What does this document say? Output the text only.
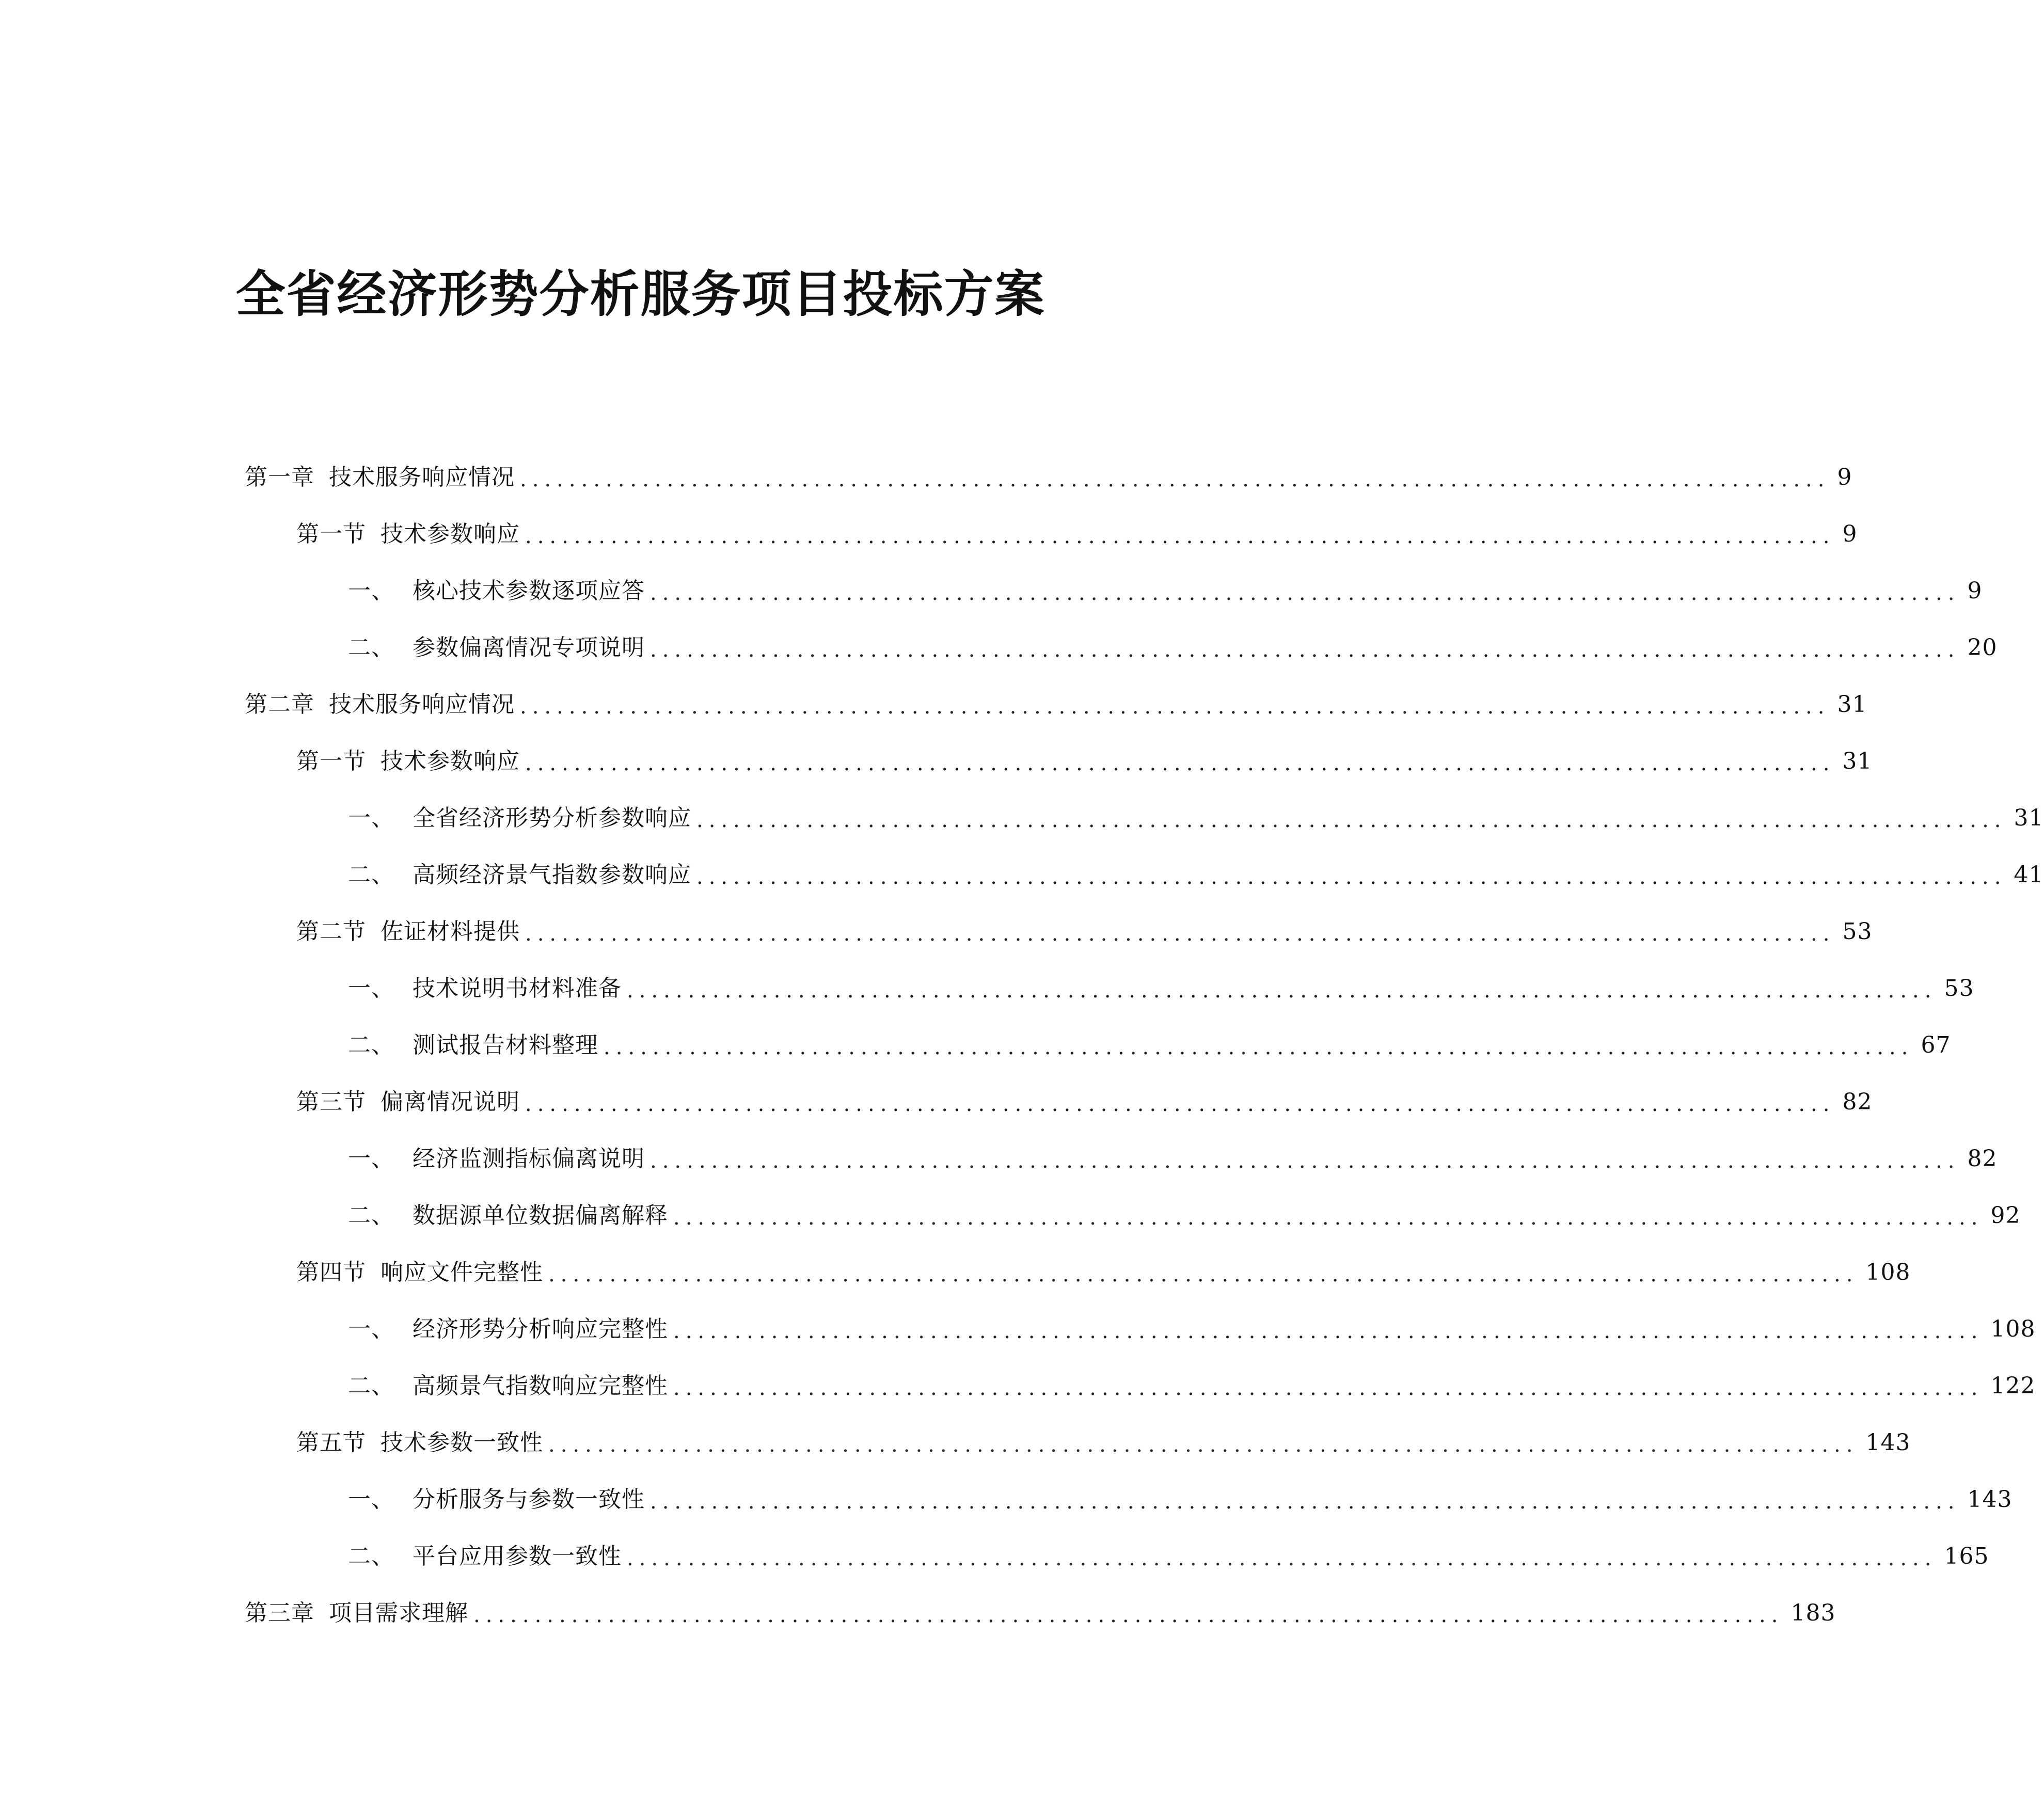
全省经济形势分析服务项目投标方案
第一章 技术服务响应情况 ........................................................................................................... 9
第一节 技术参数响应 ........................................................................................................... 9
一、 核心技术参数逐项应答 ........................................................................................................... 9
二、 参数偏离情况专项说明 ........................................................................................................... 20
第二章 技术服务响应情况 ........................................................................................................... 31
第一节 技术参数响应 ........................................................................................................... 31
一、 全省经济形势分析参数响应 ........................................................................................................... 31
二、 高频经济景气指数参数响应 ........................................................................................................... 41
第二节 佐证材料提供 ........................................................................................................... 53
一、 技术说明书材料准备 ........................................................................................................... 53
二、 测试报告材料整理 ........................................................................................................... 67
第三节 偏离情况说明 ........................................................................................................... 82
一、 经济监测指标偏离说明 ........................................................................................................... 82
二、 数据源单位数据偏离解释 ........................................................................................................... 92
第四节 响应文件完整性 ........................................................................................................... 108
一、 经济形势分析响应完整性 ........................................................................................................... 108
二、 高频景气指数响应完整性 ........................................................................................................... 122
第五节 技术参数一致性 ........................................................................................................... 143
一、 分析服务与参数一致性 ........................................................................................................... 143
二、 平台应用参数一致性 ........................................................................................................... 165
第三章 项目需求理解 ........................................................................................................... 183
